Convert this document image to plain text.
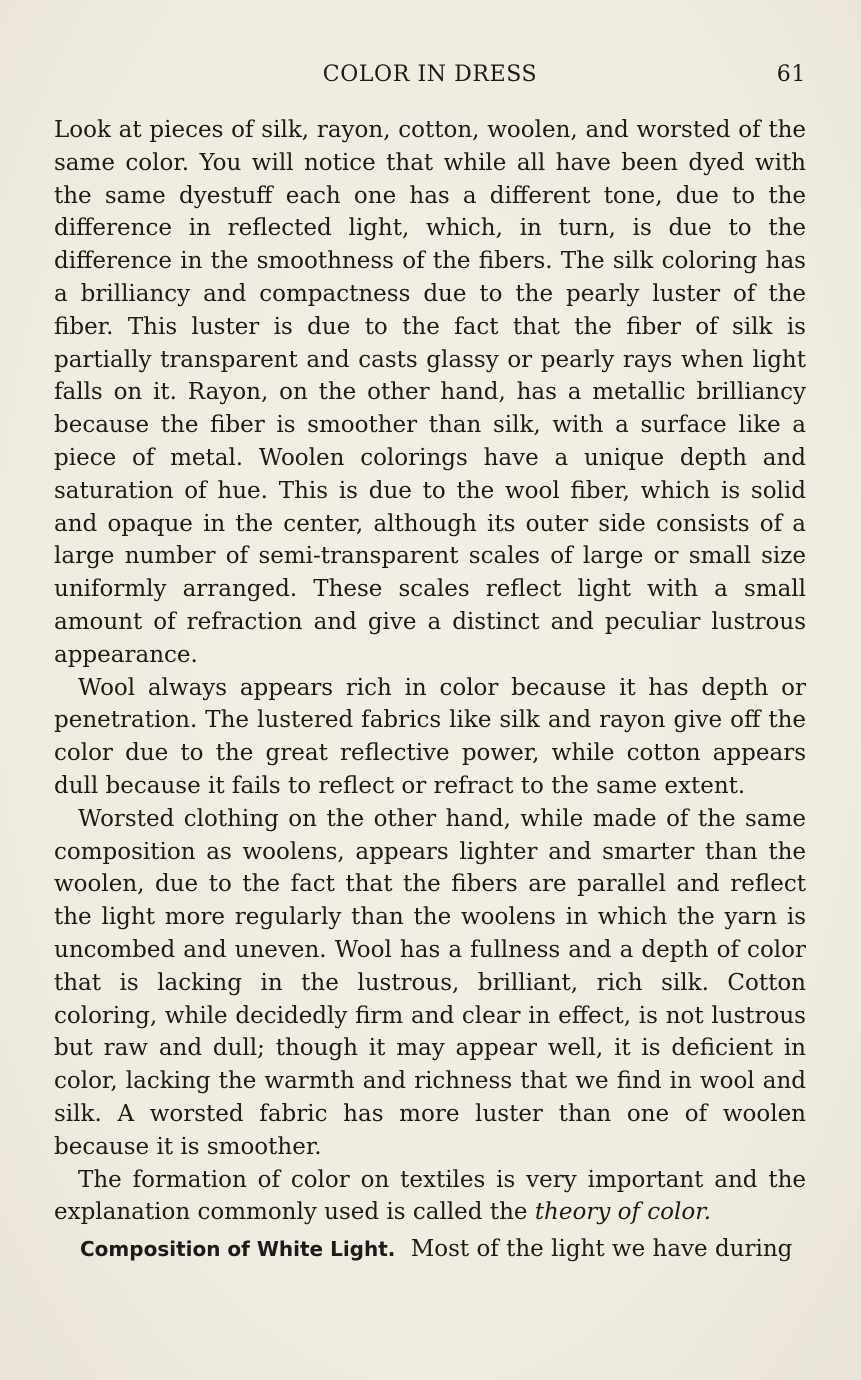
COLOR IN DRESS	61

Look at pieces of silk, rayon, cotton, woolen, and worsted of the same color. You will notice that while all have been dyed with the same dyestuff each one has a different tone, due to the difference in reflected light, which, in turn, is due to the difference in the smoothness of the fibers. The silk coloring has a brilliancy and compactness due to the pearly luster of the fiber. This luster is due to the fact that the fiber of silk is partially transparent and casts glassy or pearly rays when light falls on it. Rayon, on the other hand, has a metallic brilliancy because the fiber is smoother than silk, with a surface like a piece of metal. Woolen colorings have a unique depth and saturation of hue. This is due to the wool fiber, which is solid and opaque in the center, although its outer side consists of a large number of semi-transparent scales of large or small size uniformly arranged. These scales reflect light with a small amount of refraction and give a distinct and peculiar lustrous appearance.

Wool always appears rich in color because it has depth or penetration. The lustered fabrics like silk and rayon give off the color due to the great reflective power, while cotton appears dull because it fails to reflect or refract to the same extent.

Worsted clothing on the other hand, while made of the same composition as woolens, appears lighter and smarter than the woolen, due to the fact that the fibers are parallel and reflect the light more regularly than the woolens in which the yarn is uncombed and uneven. Wool has a fullness and a depth of color that is lacking in the lustrous, brilliant, rich silk. Cotton coloring, while decidedly firm and clear in effect, is not lustrous but raw and dull; though it may appear well, it is deficient in color, lacking the warmth and richness that we find in wool and silk. A worsted fabric has more luster than one of woolen because it is smoother.

The formation of color on textiles is very important and the explanation commonly used is called the theory of color.

Composition of White Light. Most of the light we have during
